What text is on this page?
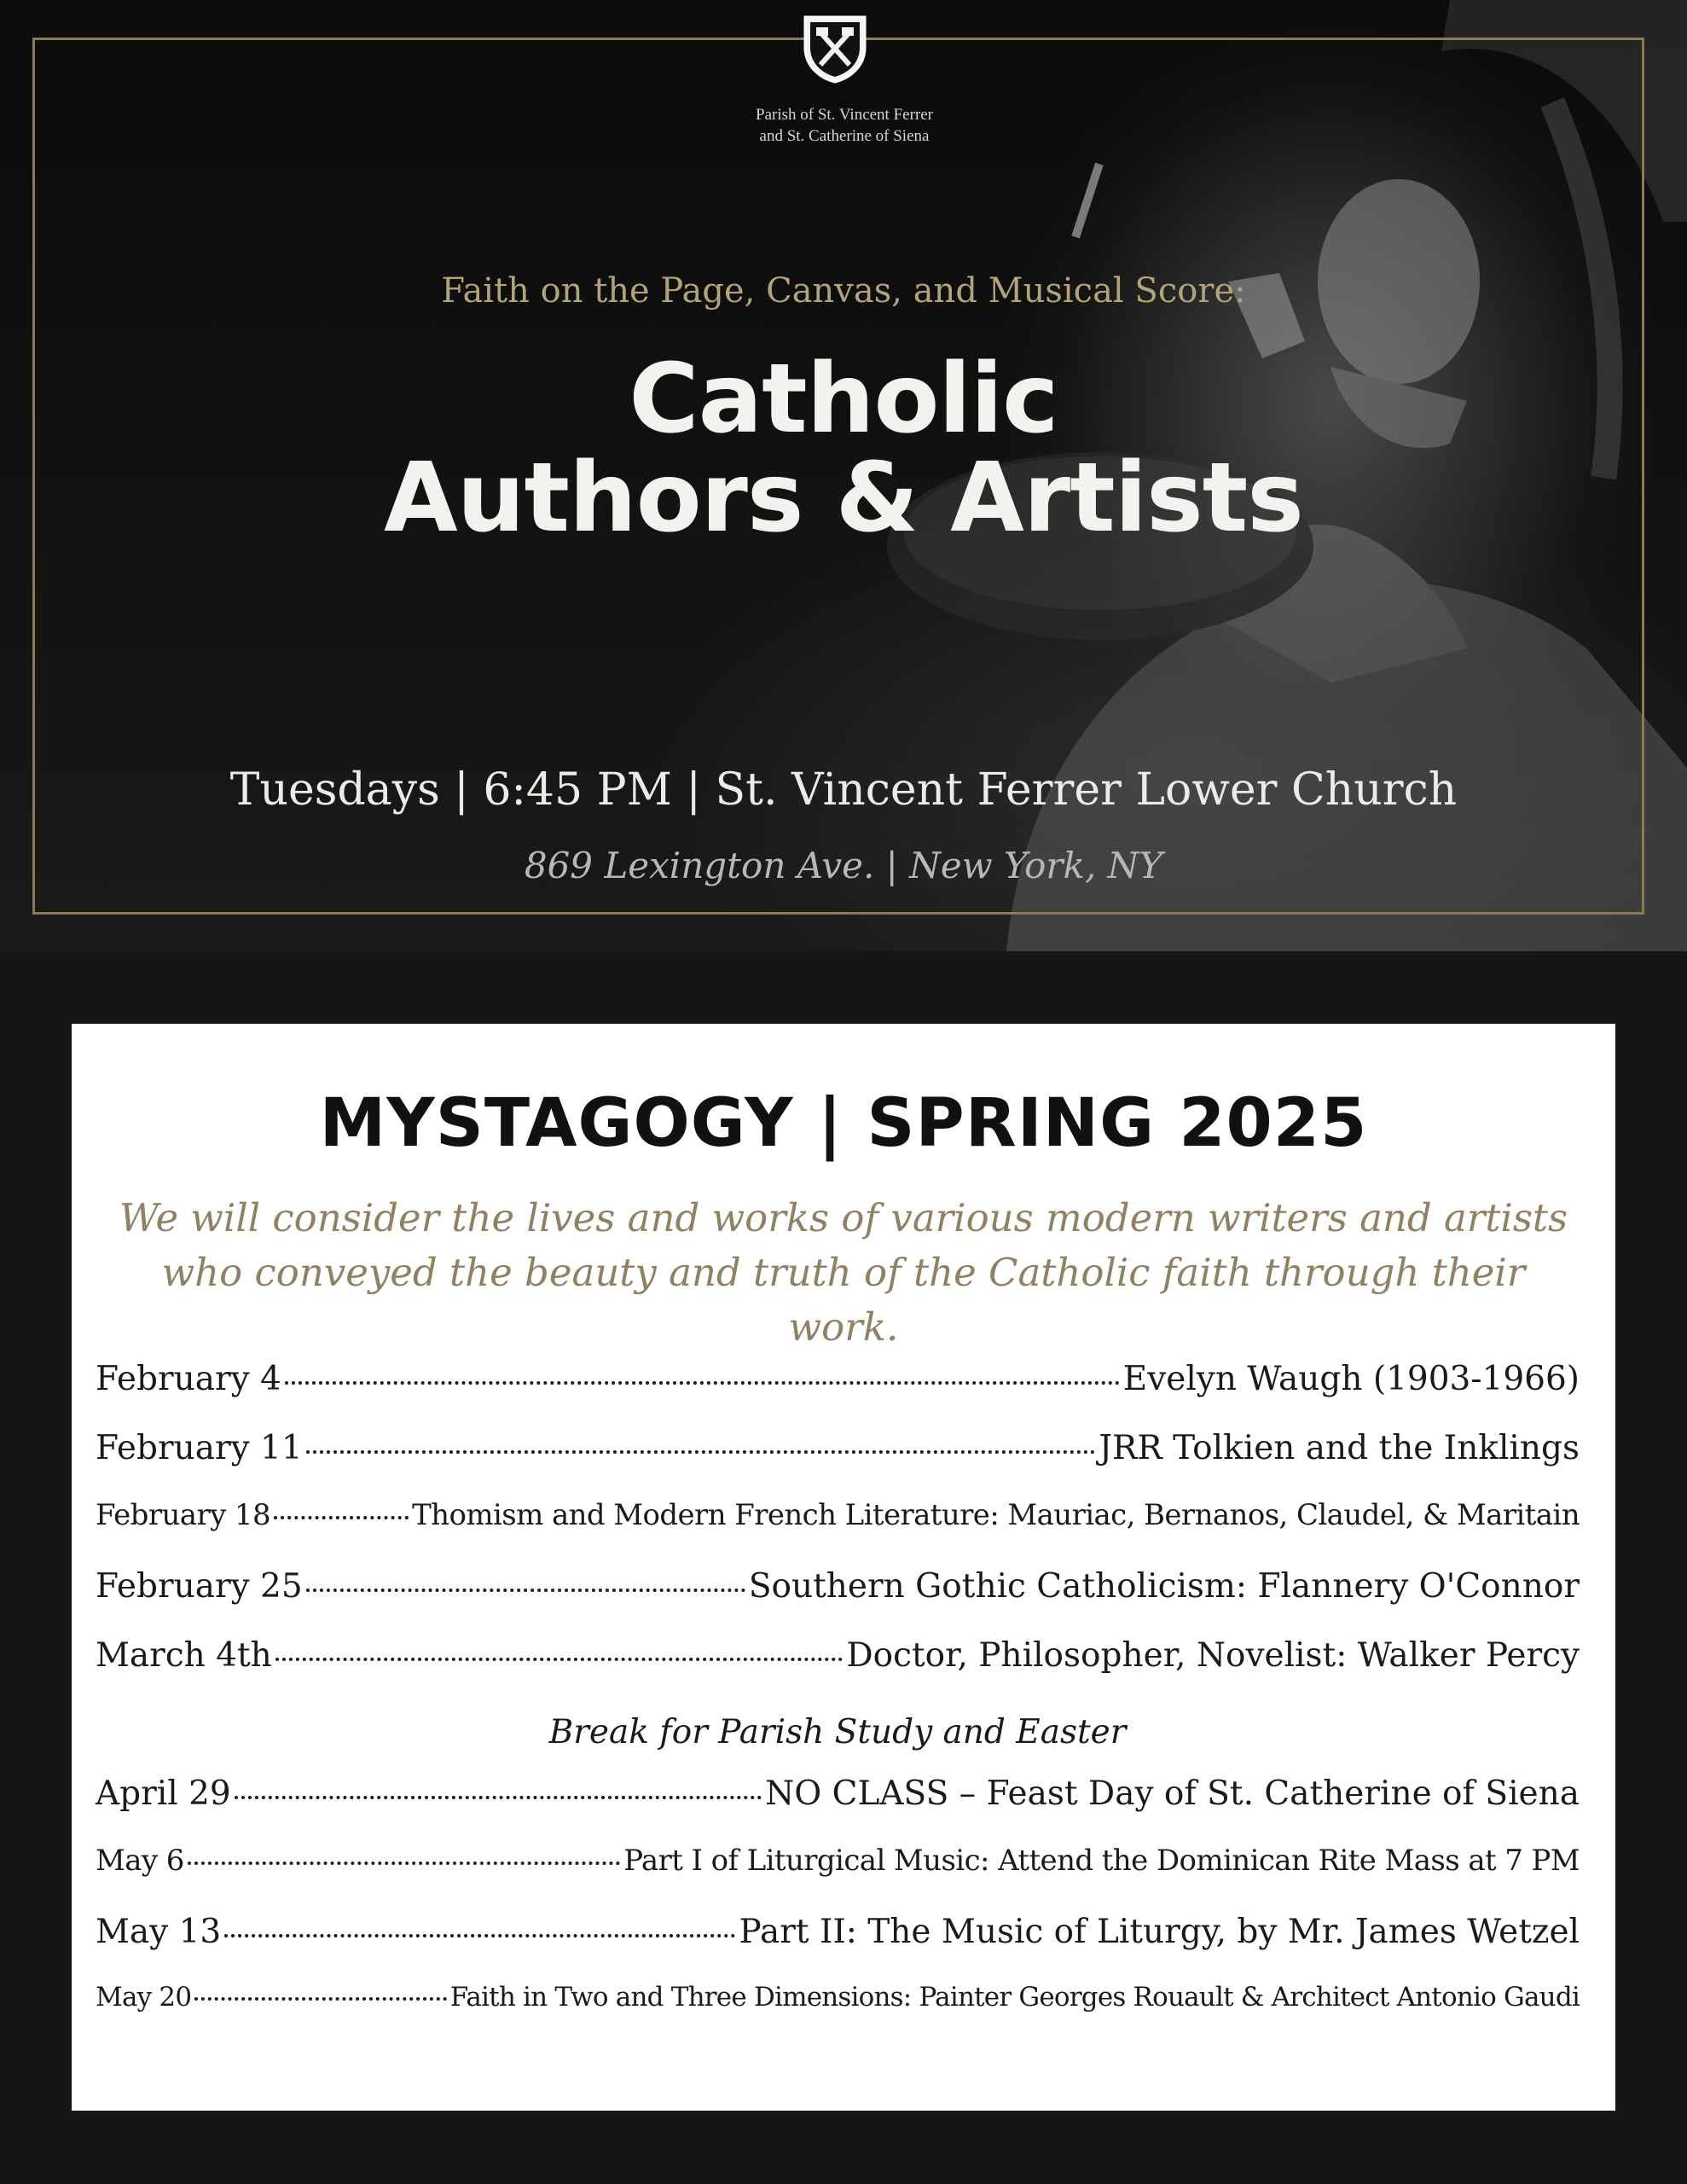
Parish of St. Vincent Ferrer
and St. Catherine of Siena
Faith on the Page, Canvas, and Musical Score:
Catholic
Authors & Artists
Tuesdays | 6:45 PM | St. Vincent Ferrer Lower Church
869 Lexington Ave. | New York, NY
MYSTAGOGY | SPRING 2025
We will consider the lives and works of various modern writers and artists
who conveyed the beauty and truth of the Catholic faith through their work.
February 4	Evelyn Waugh (1903-1966)
February 11	JRR Tolkien and the Inklings
February 18	Thomism and Modern French Literature: Mauriac, Bernanos, Claudel, & Maritain
February 25	Southern Gothic Catholicism: Flannery O'Connor
March 4th	Doctor, Philosopher, Novelist: Walker Percy
Break for Parish Study and Easter
April 29	NO CLASS – Feast Day of St. Catherine of Siena
May 6	Part I of Liturgical Music: Attend the Dominican Rite Mass at 7 PM
May 13	Part II: The Music of Liturgy, by Mr. James Wetzel
May 20	Faith in Two and Three Dimensions: Painter Georges Rouault & Architect Antonio Gaudi
